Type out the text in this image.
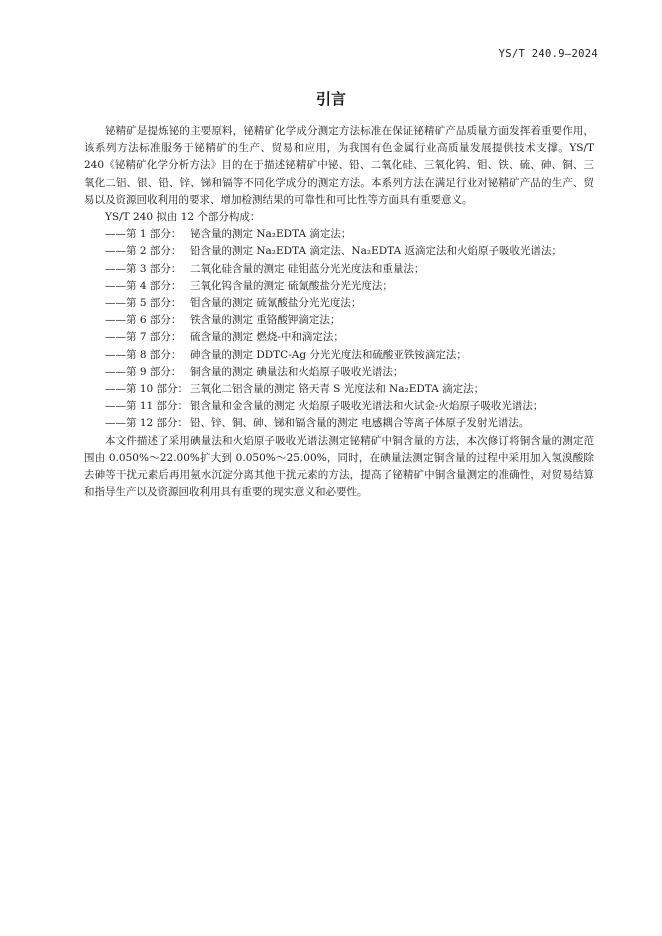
YS/T 240.9—2024
引言

铋精矿是提炼铋的主要原料，铋精矿化学成分测定方法标准在保证铋精矿产品质量方面发挥着重要作用，该系列方法标准服务于铋精矿的生产、贸易和应用，为我国有色金属行业高质量发展提供技术支撑。YS/T 240《铋精矿化学分析方法》目的在于描述铋精矿中铋、铅、二氧化硅、三氧化钨、钼、铁、硫、砷、铜、三氧化二铝、银、铅、锌、锑和镉等不同化学成分的测定方法。本系列方法在满足行业对铋精矿产品的生产、贸易以及资源回收利用的要求、增加检测结果的可靠性和可比性等方面具有重要意义。

YS/T 240 拟由 12 个部分构成：

——第 1 部分： 铋含量的测定 Na₂EDTA 滴定法；
——第 2 部分： 铅含量的测定 Na₂EDTA 滴定法、Na₂EDTA 返滴定法和火焰原子吸收光谱法；
——第 3 部分： 二氧化硅含量的测定 硅钼蓝分光光度法和重量法；
——第 4 部分： 三氧化钨含量的测定 硫氰酸盐分光光度法；
——第 5 部分： 钼含量的测定 硫氰酸盐分光光度法；
——第 6 部分： 铁含量的测定 重铬酸钾滴定法；
——第 7 部分： 硫含量的测定 燃烧-中和滴定法；
——第 8 部分： 砷含量的测定 DDTC-Ag 分光光度法和硫酸亚铁铵滴定法；
——第 9 部分： 铜含量的测定 碘量法和火焰原子吸收光谱法；
——第 10 部分： 三氧化二铝含量的测定 铬天青 S 光度法和 Na₂EDTA 滴定法；
——第 11 部分： 银含量和金含量的测定 火焰原子吸收光谱法和火试金-火焰原子吸收光谱法；
——第 12 部分： 铅、锌、铜、砷、锑和镉含量的测定 电感耦合等离子体原子发射光谱法。

本文件描述了采用碘量法和火焰原子吸收光谱法测定铋精矿中铜含量的方法，本次修订将铜含量的测定范围由 0.050%～22.00%扩大到 0.050%～25.00%，同时，在碘量法测定铜含量的过程中采用加入氢溴酸除去砷等干扰元素后再用氨水沉淀分离其他干扰元素的方法，提高了铋精矿中铜含量测定的准确性，对贸易结算和指导生产以及资源回收利用具有重要的现实意义和必要性。
